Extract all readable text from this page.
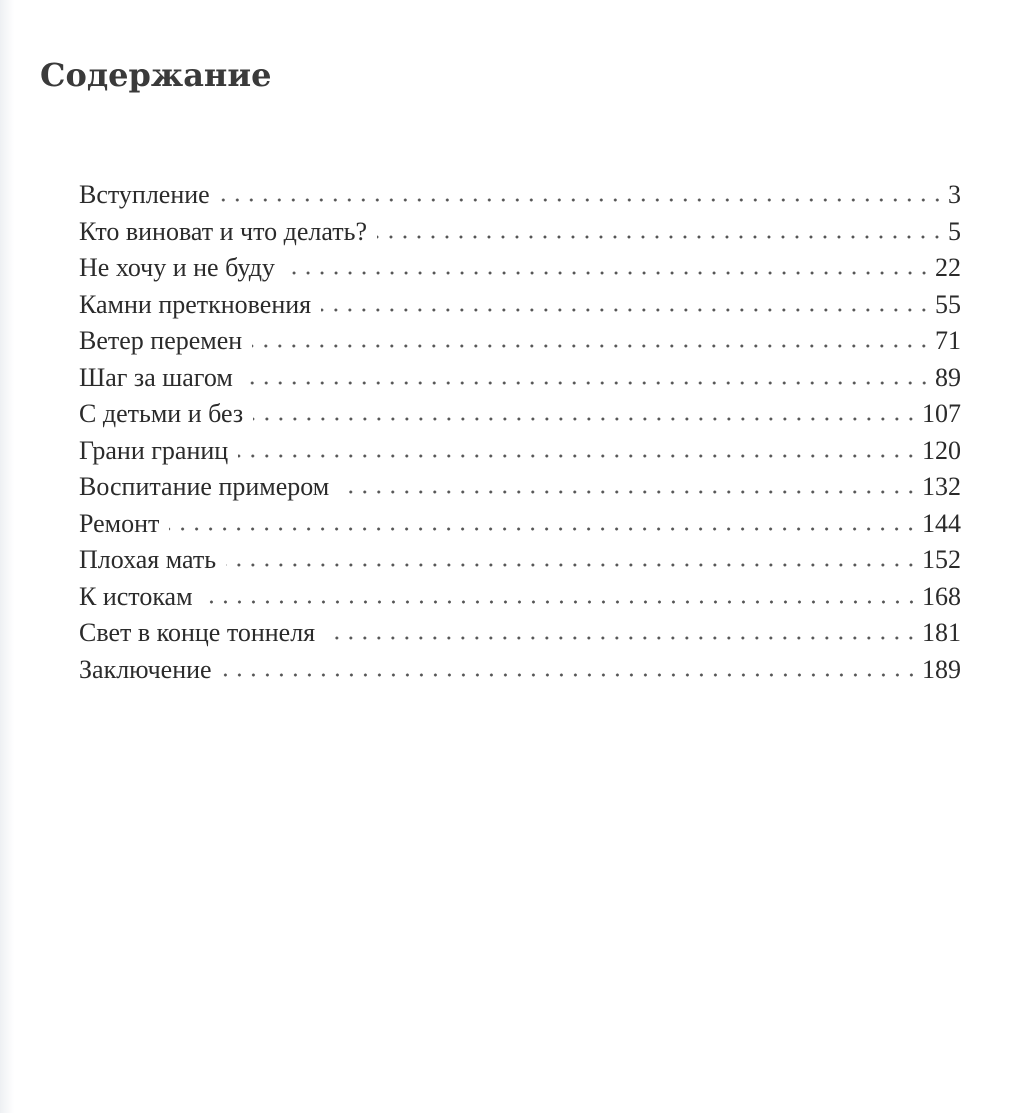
Содержание
Вступление	3
Кто виноват и что делать?	5
Не хочу и не буду	22
Камни преткновения	55
Ветер перемен	71
Шаг за шагом	89
С детьми и без	107
Грани границ	120
Воспитание примером	132
Ремонт	144
Плохая мать	152
К истокам	168
Свет в конце тоннеля	181
Заключение	189
